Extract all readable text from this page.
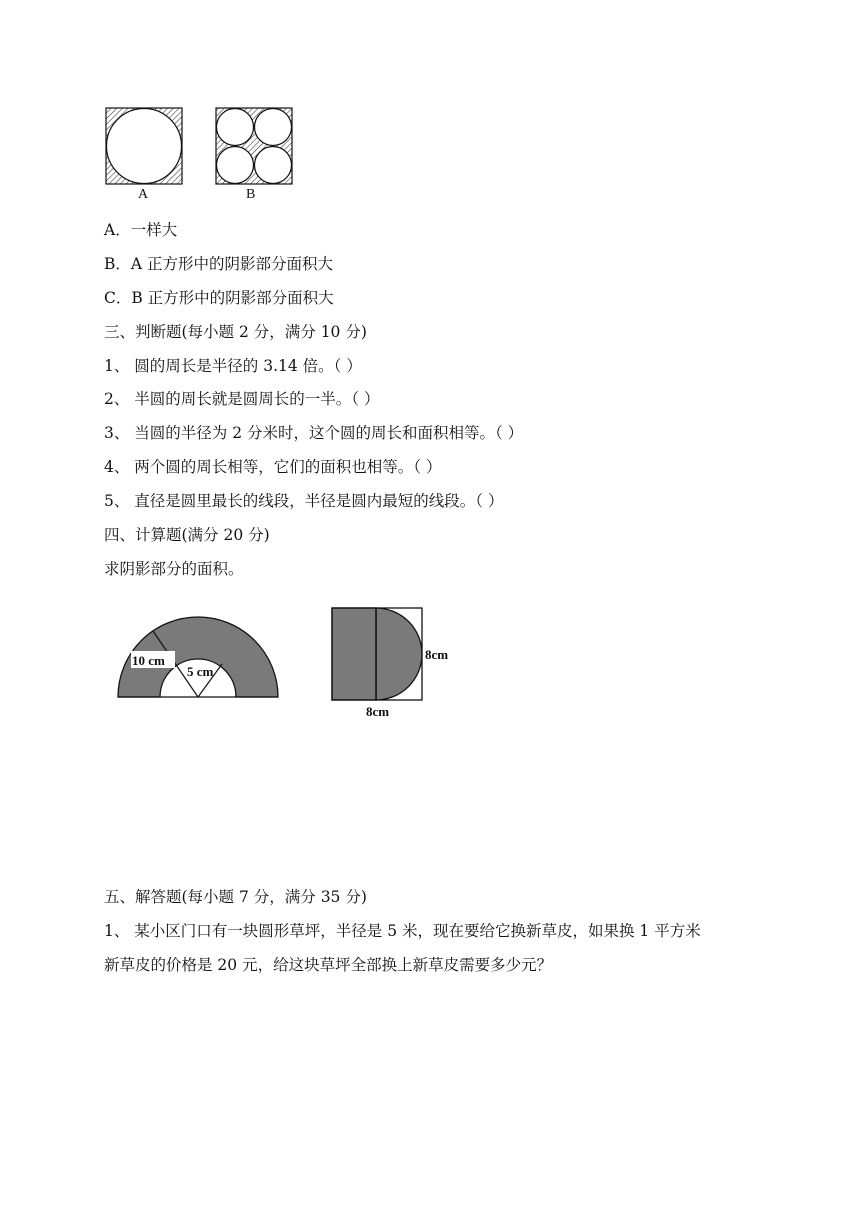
A	B
A．一样大
B．A 正方形中的阴影部分面积大
C．B 正方形中的阴影部分面积大
三、判断题(每小题 2 分，满分 10 分)
1、 圆的周长是半径的 3.14 倍。（ ）
2、 半圆的周长就是圆周长的一半。（ ）
3、 当圆的半径为 2 分米时，这个圆的周长和面积相等。（ ）
4、 两个圆的周长相等，它们的面积也相等。（ ）
5、 直径是圆里最长的线段，半径是圆内最短的线段。（ ）
四、计算题(满分 20 分)
求阴影部分的面积。
10 cm
5 cm
8cm
8cm
五、解答题(每小题 7 分，满分 35 分)
1、 某小区门口有一块圆形草坪，半径是 5 米，现在要给它换新草皮，如果换 1 平方米
新草皮的价格是 20 元，给这块草坪全部换上新草皮需要多少元？
